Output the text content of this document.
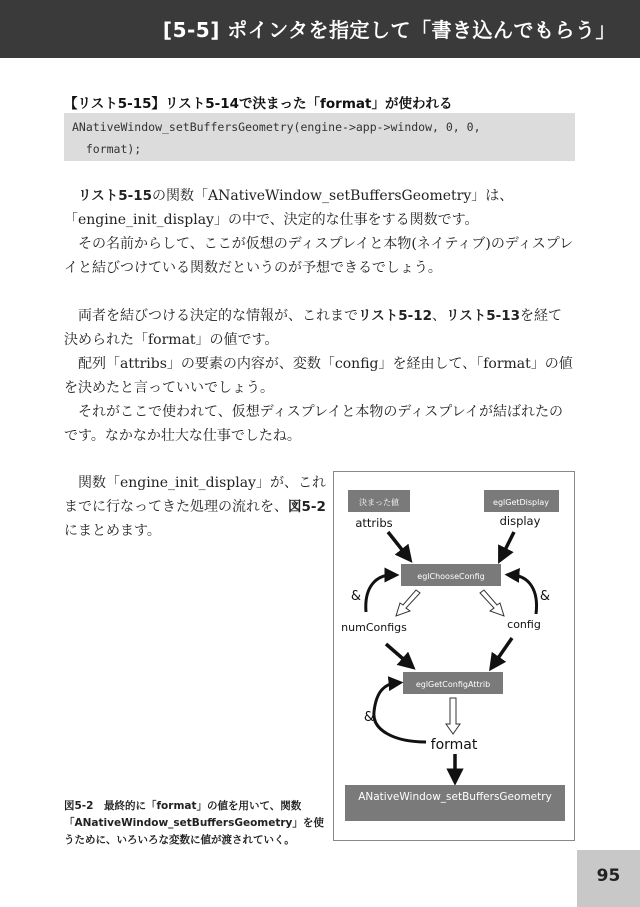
[5-5] ポインタを指定して「書き込んでもらう」
【リスト5-15】リスト5-14で決まった「format」が使われる
ANativeWindow_setBuffersGeometry(engine->app->window, 0, 0,
format);

リスト5-15の関数「ANativeWindow_setBuffersGeometry」は、「engine_init_display」の中で、決定的な仕事をする関数です。

その名前からして、ここが仮想のディスプレイと本物(ネイティブ)のディスプレイと結びつけている関数だというのが予想できるでしょう。

両者を結びつける決定的な情報が、これまでリスト5-12、リスト5-13を経て決められた「format」の値です。

配列「attribs」の要素の内容が、変数「config」を経由して、「format」の値を決めたと言っていいでしょう。

それがここで使われて、仮想ディスプレイと本物のディスプレイが結ばれたのです。なかなか壮大な仕事でしたね。

関数「engine_init_display」が、これまでに行なってきた処理の流れを、図5-2にまとめます。

決まった値	eglGetDisplay
attribs	display
eglChooseConfig
&	&
numConfigs	config
eglGetConfigAttrib
&
format
ANativeWindow_setBuffersGeometry
図5-2　 最終的に「format」の値を用いて、関数「ANativeWindow_setBuffersGeometry」を使うために、いろいろな変数に値が渡されていく。
95
